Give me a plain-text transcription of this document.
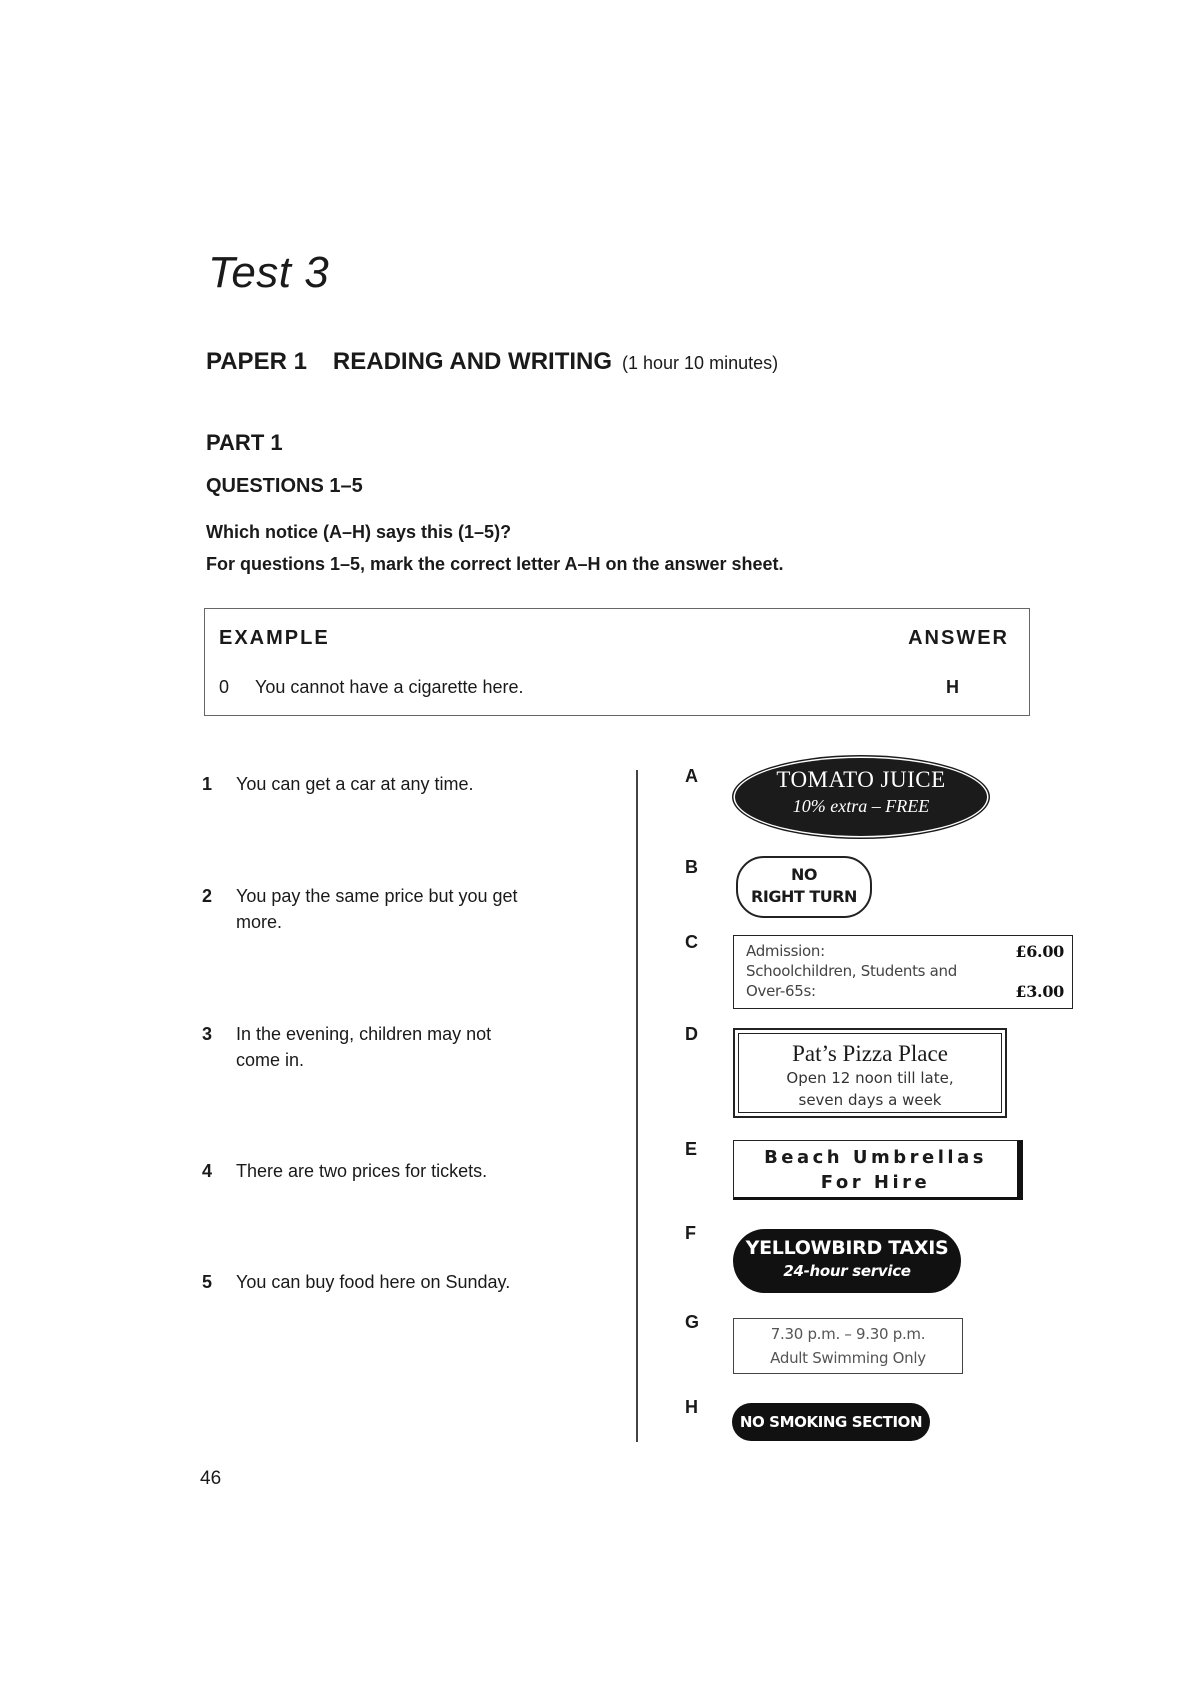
Test 3
PAPER 1 READING AND WRITING (1 hour 10 minutes)
PART 1
QUESTIONS 1–5
Which notice (A–H) says this (1–5)?
For questions 1–5, mark the correct letter A–H on the answer sheet.
EXAMPLE	ANSWER
0 You cannot have a cigarette here.	H
1 You can get a car at any time.
2 You pay the same price but you get more.
3 In the evening, children may not come in.
4 There are two prices for tickets.
5 You can buy food here on Sunday.
A
B
C
D
E
F
G
H
TOMATO JUICE
10% extra – FREE
NO
RIGHT TURN
Admission:	£6.00
Schoolchildren, Students and
Over-65s:	£3.00
Pat’s Pizza Place
Open 12 noon till late,
seven days a week
Beach Umbrellas
For Hire
YELLOWBIRD TAXIS
24-hour service
7.30 p.m. – 9.30 p.m.
Adult Swimming Only
NO SMOKING SECTION
46
